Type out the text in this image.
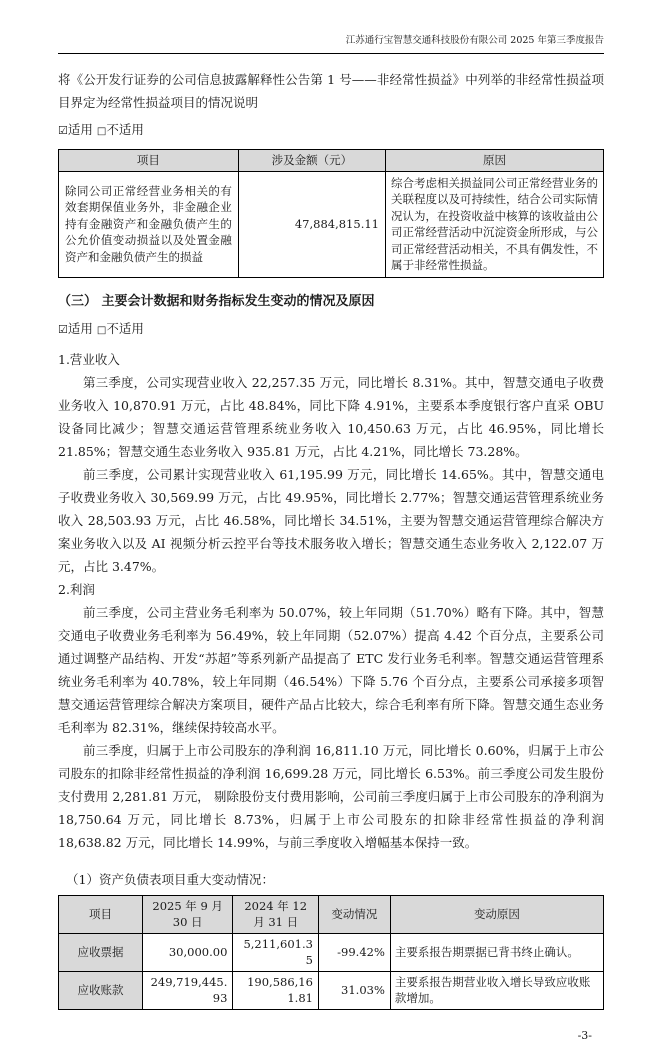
江苏通行宝智慧交通科技股份有限公司 2025 年第三季度报告

将《公开发行证券的公司信息披露解释性公告第 1 号——非经常性损益》中列举的非经常性损益项目界定为经常性损益项目的情况说明

☑适用 □不适用
项目	涉及金额（元）	原因
除同公司正常经营业务相关的有效套期保值业务外，非金融企业持有金融资产和金融负债产生的公允价值变动损益以及处置金融资产和金融负债产生的损益	47,884,815.11	综合考虑相关损益同公司正常经营业务的关联程度以及可持续性，结合公司实际情况认为，在投资收益中核算的该收益由公司正常经营活动中沉淀资金所形成，与公司正常经营活动相关，不具有偶发性，不属于非经常性损益。
（三） 主要会计数据和财务指标发生变动的情况及原因
☑适用 □不适用

1.营业收入

第三季度，公司实现营业收入 22,257.35 万元，同比增长 8.31%。其中，智慧交通电子收费业务收入 10,870.91 万元，占比 48.84%，同比下降 4.91%，主要系本季度银行客户直采 OBU 设备同比减少；智慧交通运营管理系统业务收入 10,450.63 万元，占比 46.95%，同比增长 21.85%；智慧交通生态业务收入 935.81 万元，占比 4.21%，同比增长 73.28%。

前三季度，公司累计实现营业收入 61,195.99 万元，同比增长 14.65%。其中，智慧交通电子收费业务收入 30,569.99 万元，占比 49.95%，同比增长 2.77%；智慧交通运营管理系统业务收入 28,503.93 万元，占比 46.58%，同比增长 34.51%，主要为智慧交通运营管理综合解决方案业务收入以及 AI 视频分析云控平台等技术服务收入增长；智慧交通生态业务收入 2,122.07 万元，占比 3.47%。

2.利润

前三季度，公司主营业务毛利率为 50.07%，较上年同期（51.70%）略有下降。其中，智慧交通电子收费业务毛利率为 56.49%，较上年同期（52.07%）提高 4.42 个百分点，主要系公司通过调整产品结构、开发“苏超”等系列新产品提高了 ETC 发行业务毛利率。智慧交通运营管理系统业务毛利率为 40.78%，较上年同期（46.54%）下降 5.76 个百分点，主要系公司承接多项智慧交通运营管理综合解决方案项目，硬件产品占比较大，综合毛利率有所下降。智慧交通生态业务毛利率为 82.31%，继续保持较高水平。

前三季度，归属于上市公司股东的净利润 16,811.10 万元，同比增长 0.60%，归属于上市公司股东的扣除非经常性损益的净利润 16,699.28 万元，同比增长 6.53%。前三季度公司发生股份支付费用 2,281.81 万元， 剔除股份支付费用影响，公司前三季度归属于上市公司股东的净利润为 18,750.64 万元，同比增长 8.73%，归属于上市公司股东的扣除非经常性损益的净利润 18,638.82 万元，同比增长 14.99%，与前三季度收入增幅基本保持一致。

（1）资产负债表项目重大变动情况：

项目	2025 年 9 月 30 日	2024 年 12 月 31 日	变动情况	变动原因
应收票据	30,000.00	5,211,601.35	-99.42%	主要系报告期票据已背书终止确认。
应收账款	249,719,445.93	190,586,161.81	31.03%	主要系报告期营业收入增长导致应收账款增加。
-3-
